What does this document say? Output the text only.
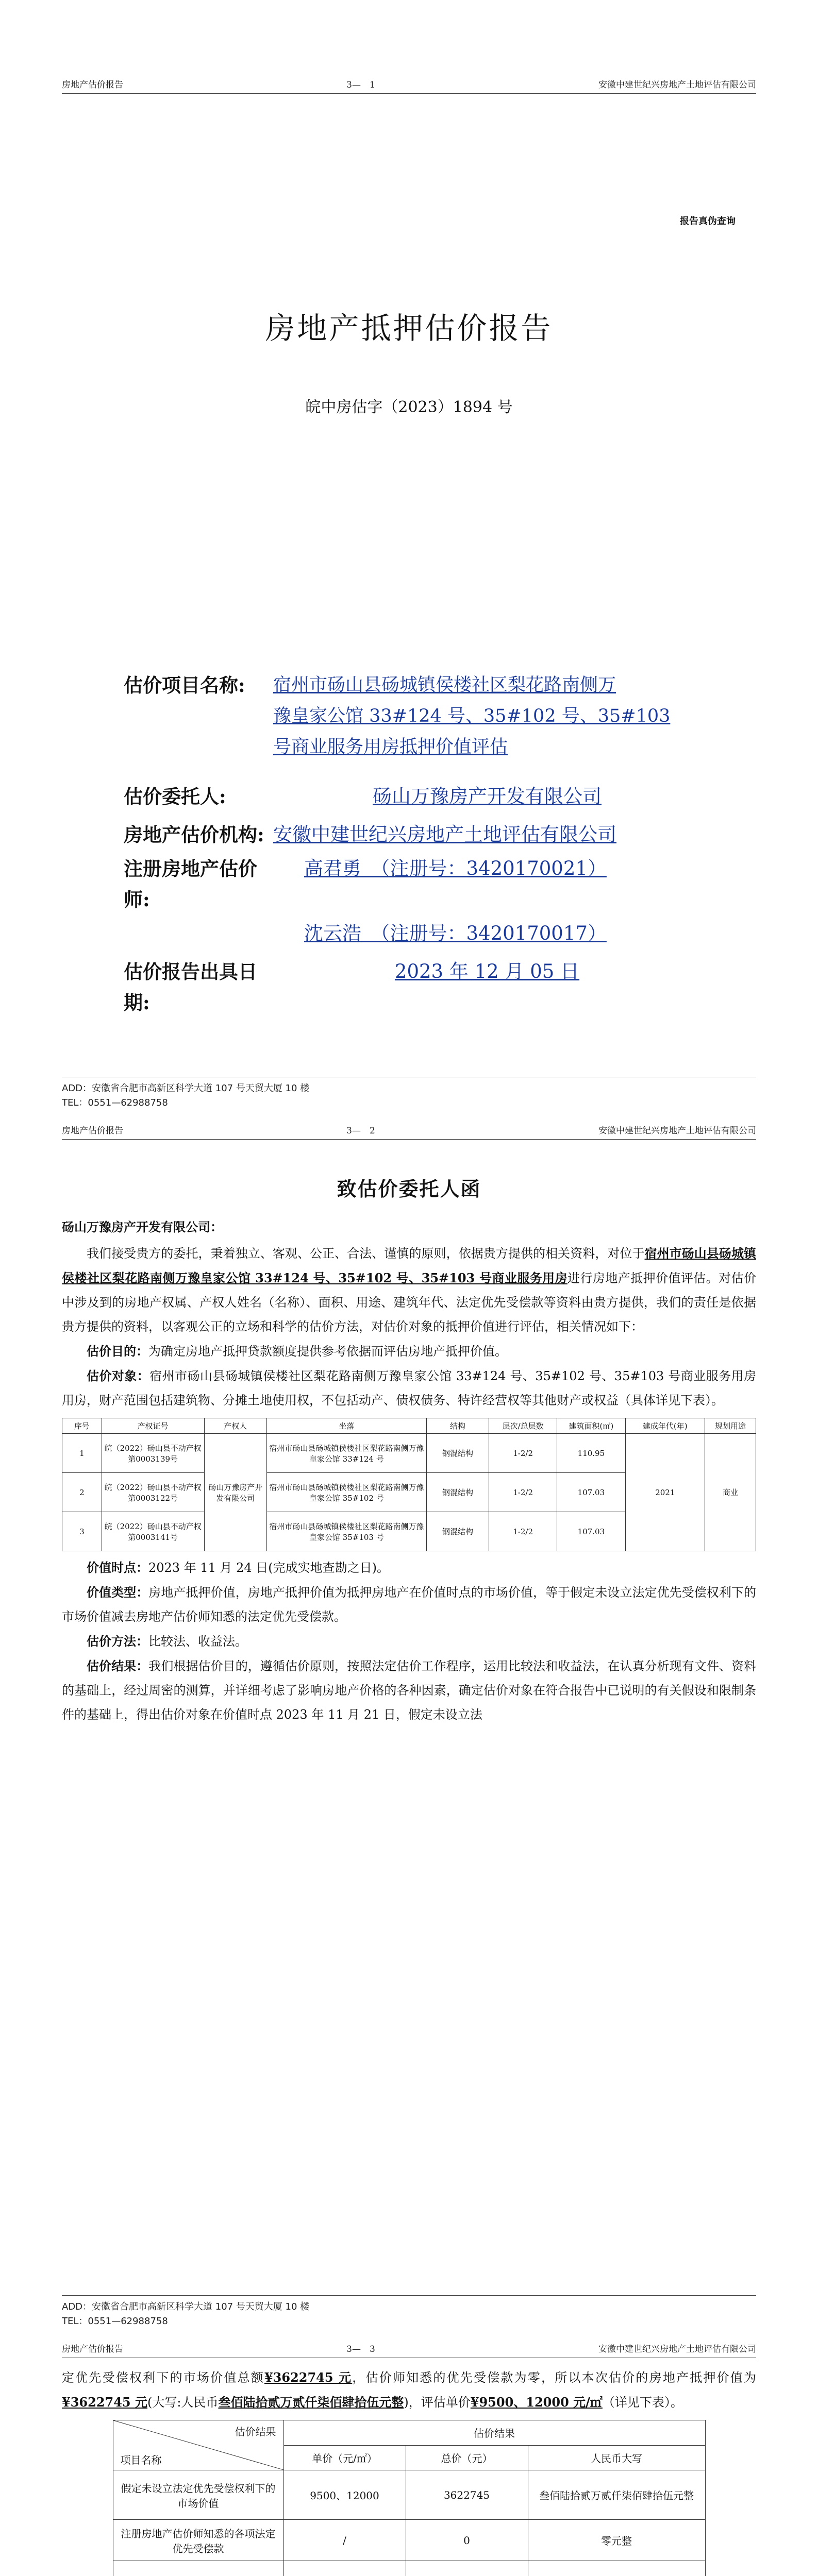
房地产估价报告	3—　1	安徽中建世纪兴房地产土地评估有限公司
报告真伪查询
房地产抵押估价报告
皖中房估字（2023）1894 号
估价项目名称:	宿州市砀山县砀城镇侯楼社区梨花路南侧万
豫皇家公馆 33#124 号、35#102 号、35#103
号商业服务用房抵押价值评估
估价委托人:	砀山万豫房产开发有限公司
房地产估价机构: 安徽中建世纪兴房地产土地评估有限公司
注册房地产估价师:
高君勇　（注册号：3420170021）
沈云浩　（注册号：3420170017）
估价报告出具日期:
2023 年 12 月 05 日
ADD：安徽省合肥市高新区科学大道 107 号天贸大厦 10 楼
TEL：0551—62988758
房地产估价报告	3—　2	安徽中建世纪兴房地产土地评估有限公司
致估价委托人函
砀山万豫房产开发有限公司：

我们接受贵方的委托，秉着独立、客观、公正、合法、谨慎的原则，依据贵方提供的相关资料，对位于宿州市砀山县砀城镇侯楼社区梨花路南侧万豫皇家公馆 33#124 号、35#102 号、35#103 号商业服务用房进行房地产抵押价值评估。对估价中涉及到的房地产权属、产权人姓名（名称）、面积、用途、建筑年代、法定优先受偿款等资料由贵方提供，我们的责任是依据贵方提供的资料，以客观公正的立场和科学的估价方法，对估价对象的抵押价值进行评估，相关情况如下：

估价目的：为确定房地产抵押贷款额度提供参考依据而评估房地产抵押价值。

估价对象：宿州市砀山县砀城镇侯楼社区梨花路南侧万豫皇家公馆 33#124 号、35#102 号、35#103 号商业服务用房用房，财产范围包括建筑物、分摊土地使用权，不包括动产、债权债务、特许经营权等其他财产或权益（具体详见下表）。

序号	产权证号	产权人	坐落	结构	层次/总层数	建筑面积(㎡)	建成年代(年)	规划用途
1	皖（2022）砀山县不动产权第0003139号	砀山万豫房产开发有限公司	宿州市砀山县砀城镇侯楼社区梨花路南侧万豫皇家公馆 33#124 号	钢混结构	1-2/2	110.95	2021	商业
2	皖（2022）砀山县不动产权第0003122号		宿州市砀山县砀城镇侯楼社区梨花路南侧万豫皇家公馆 35#102 号	钢混结构	1-2/2	107.03		
3	皖（2022）砀山县不动产权第0003141号		宿州市砀山县砀城镇侯楼社区梨花路南侧万豫皇家公馆 35#103 号	钢混结构	1-2/2	107.03		

价值时点：2023 年 11 月 24 日(完成实地查勘之日)。

价值类型：房地产抵押价值，房地产抵押价值为抵押房地产在价值时点的市场价值，等于假定未设立法定优先受偿权利下的市场价值减去房地产估价师知悉的法定优先受偿款。

估价方法：比较法、收益法。

估价结果：我们根据估价目的，遵循估价原则，按照法定估价工作程序，运用比较法和收益法，在认真分析现有文件、资料的基础上，经过周密的测算，并详细考虑了影响房地产价格的各种因素，确定估价对象在符合报告中已说明的有关假设和限制条件的基础上，得出估价对象在价值时点 2023 年 11 月 21 日，假定未设立法

ADD：安徽省合肥市高新区科学大道 107 号天贸大厦 10 楼
TEL：0551—62988758
房地产估价报告	3—　3	安徽中建世纪兴房地产土地评估有限公司

定优先受偿权利下的市场价值总额¥3622745 元，估价师知悉的优先受偿款为零，所以本次估价的房地产抵押价值为¥3622745 元(大写:人民币叁佰陆拾贰万贰仟柒佰肆拾伍元整)，评估单价¥9500、12000 元/㎡（详见下表）。

估价结果
项目名称	估价结果		
	单价（元/㎡）	总价（元）	人民币大写
假定未设立法定优先受偿权利下的市场价值	9500、12000	3622745	叁佰陆拾贰万贰仟柒佰肆拾伍元整
注册房地产估价师知悉的各项法定优先受偿款	/	0	零元整
